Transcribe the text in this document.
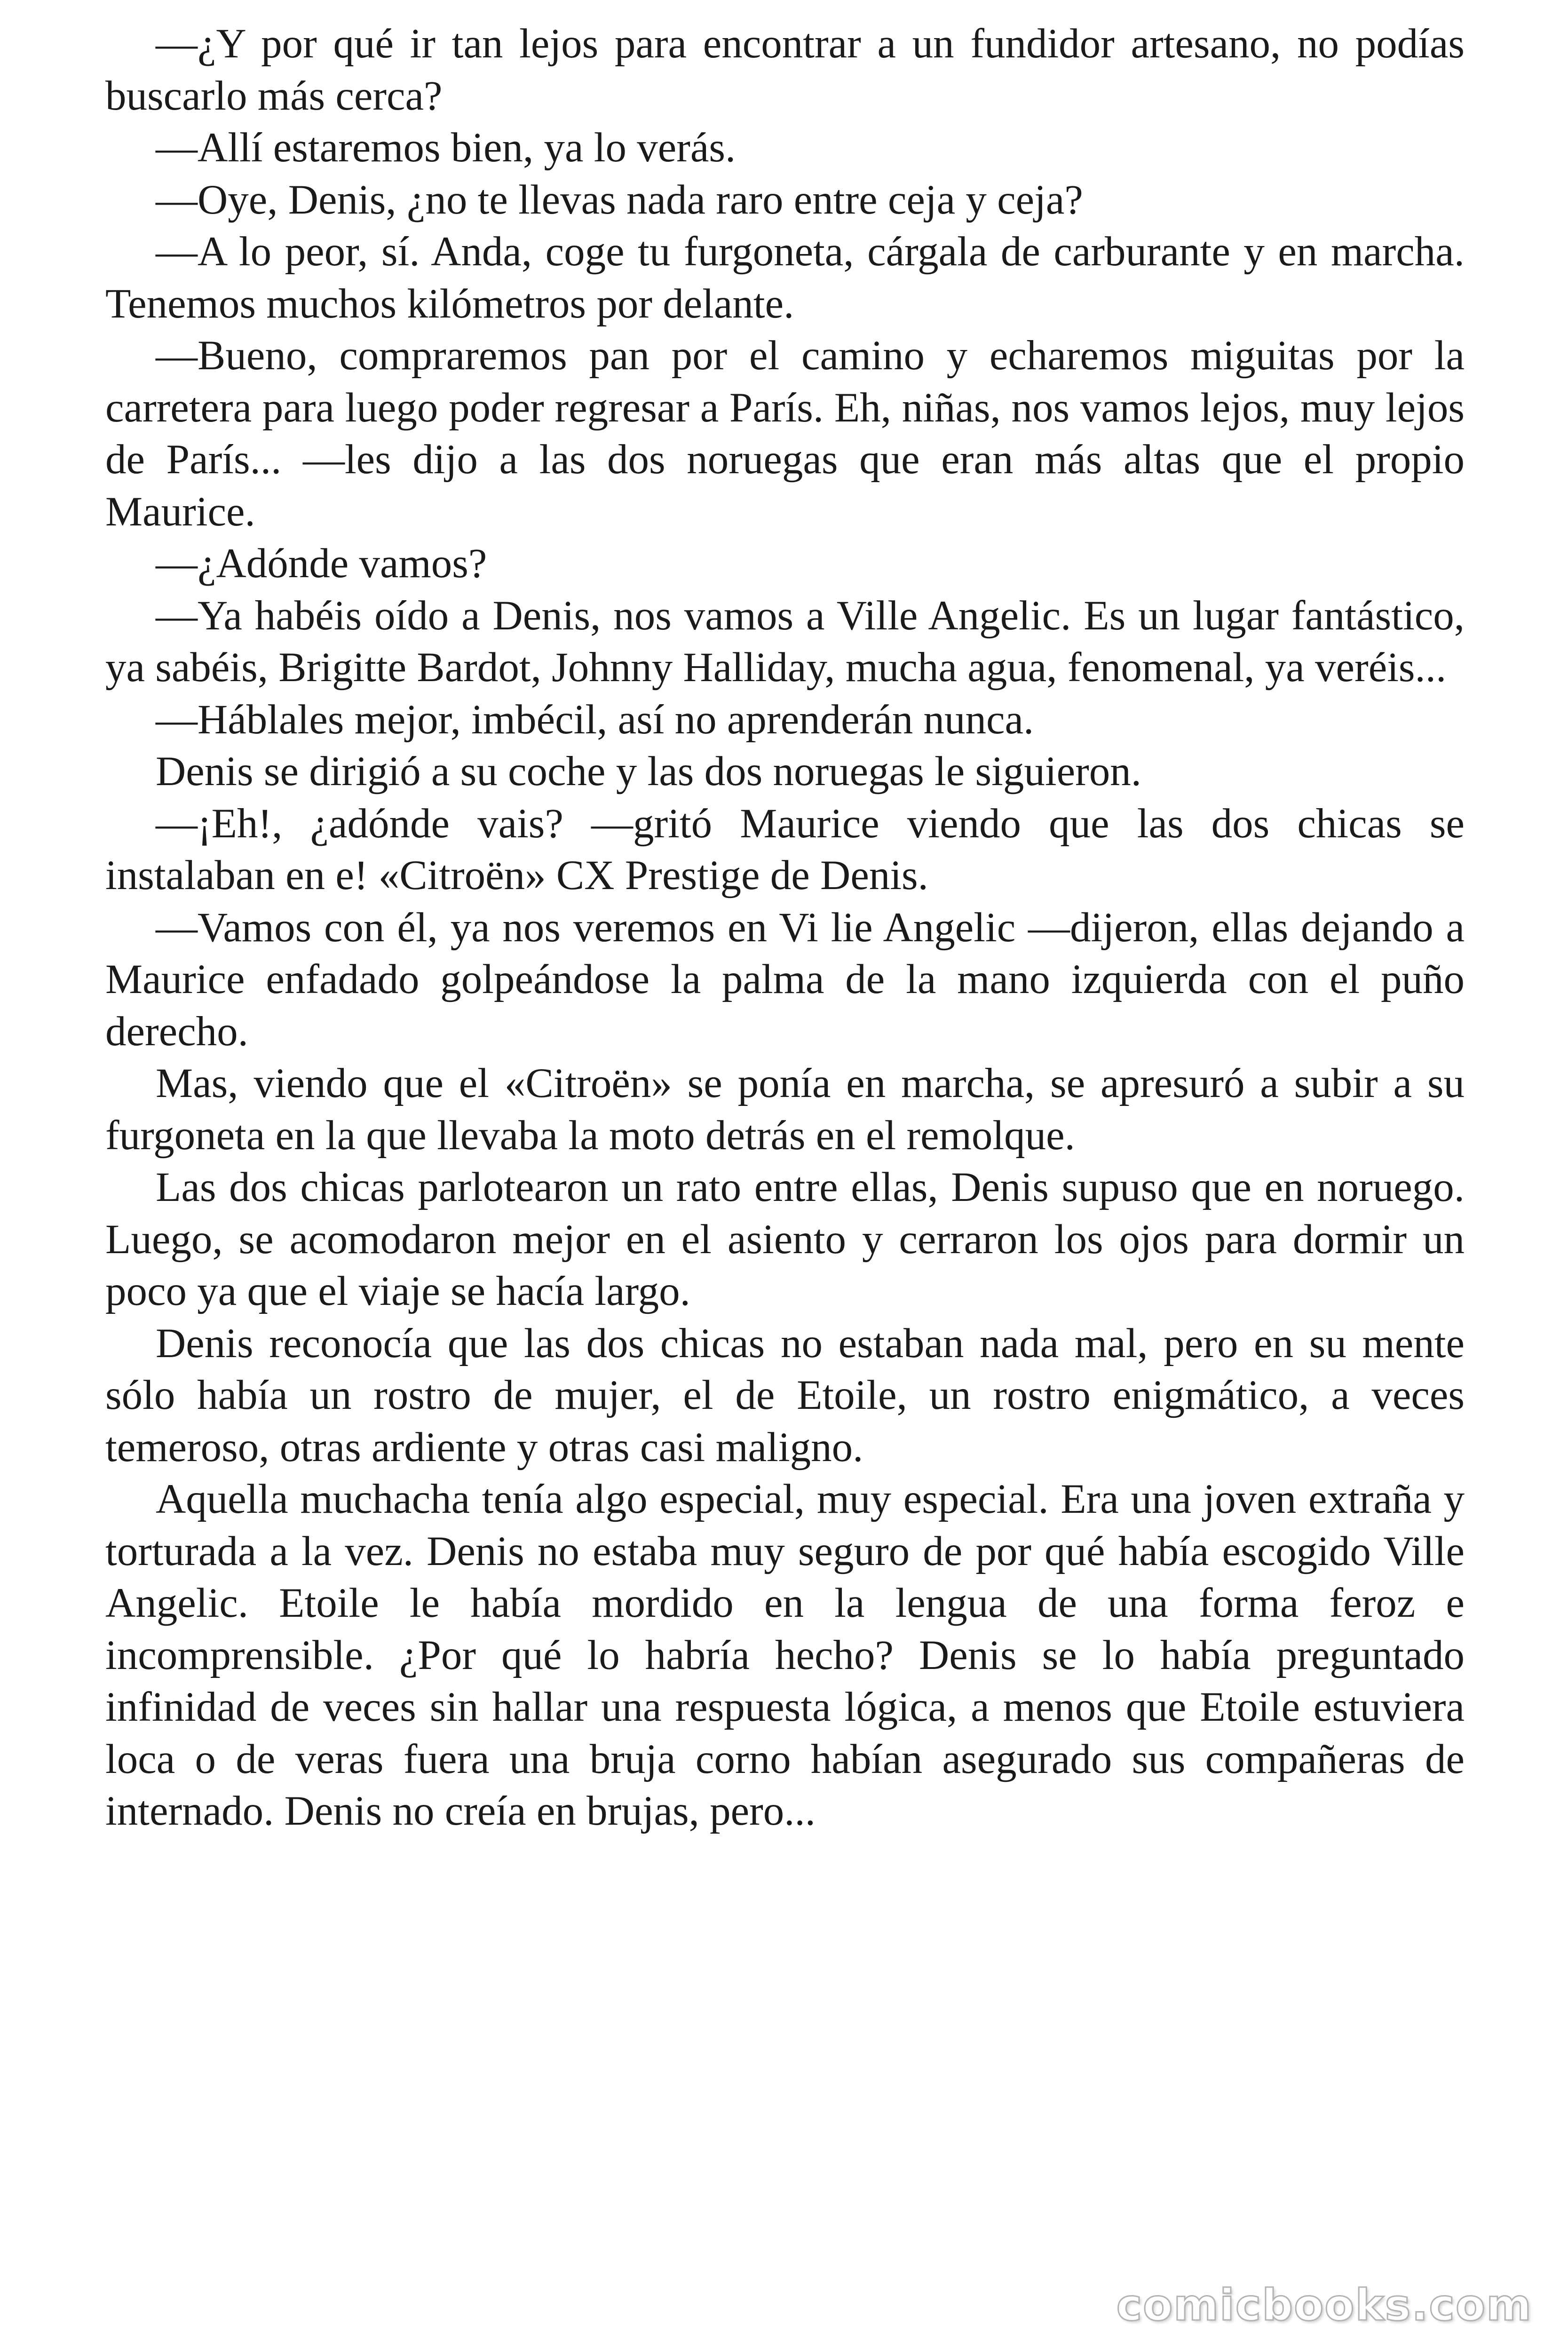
—¿Y por qué ir tan lejos para encontrar a un fundidor artesano, no podías buscarlo más cerca?

—Allí estaremos bien, ya lo verás.

—Oye, Denis, ¿no te llevas nada raro entre ceja y ceja?

—A lo peor, sí. Anda, coge tu furgoneta, cárgala de carburante y en marcha. Tenemos muchos kilómetros por delante.

—Bueno, compraremos pan por el camino y echaremos miguitas por la carretera para luego poder regresar a París. Eh, niñas, nos vamos lejos, muy lejos de París... —les dijo a las dos noruegas que eran más altas que el propio Maurice.

—¿Adónde vamos?

—Ya habéis oído a Denis, nos vamos a Ville Angelic. Es un lugar fantástico, ya sabéis, Brigitte Bardot, Johnny Halliday, mucha agua, fenomenal, ya veréis...

—Háblales mejor, imbécil, así no aprenderán nunca.

Denis se dirigió a su coche y las dos noruegas le siguieron.

—¡Eh!, ¿adónde vais? —gritó Maurice viendo que las dos chicas se instalaban en e! «Citroën» CX Prestige de Denis.

—Vamos con él, ya nos veremos en Vi lie Angelic —dijeron, ellas dejando a Maurice enfadado golpeándose la palma de la mano izquierda con el puño derecho.

Mas, viendo que el «Citroën» se ponía en marcha, se apresuró a subir a su furgoneta en la que llevaba la moto detrás en el remolque.

Las dos chicas parlotearon un rato entre ellas, Denis supuso que en noruego. Luego, se acomodaron mejor en el asiento y cerraron los ojos para dormir un poco ya que el viaje se hacía largo.

Denis reconocía que las dos chicas no estaban nada mal, pero en su mente sólo había un rostro de mujer, el de Etoile, un rostro enigmático, a veces temeroso, otras ardiente y otras casi maligno.

Aquella muchacha tenía algo especial, muy especial. Era una joven extraña y torturada a la vez. Denis no estaba muy seguro de por qué había escogido Ville Angelic. Etoile le había mordido en la lengua de una forma feroz e incomprensible. ¿Por qué lo habría hecho? Denis se lo había preguntado infinidad de veces sin hallar una respuesta lógica, a menos que Etoile estuviera loca o de veras fuera una bruja corno habían asegurado sus compañeras de internado. Denis no creía en brujas, pero...

comicbooks.com
